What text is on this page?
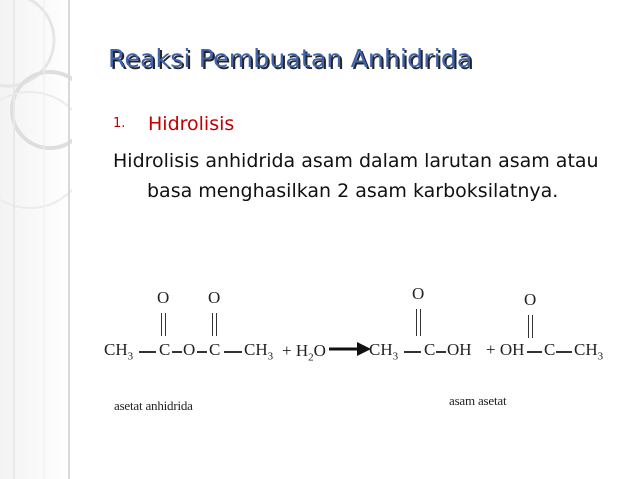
Reaksi Pembuatan Anhidrida
1. Hidrolisis

Hidrolisis anhidrida asam dalam larutan asam atau basa menghasilkan 2 asam karboksilatnya.

$CH_3$ C
O
O C
O
$CH_3 + H_2O$ →
$CH_3$ C
O
OH + OH C
O
$CH_3$
asetat anhidrida	asam asetat
